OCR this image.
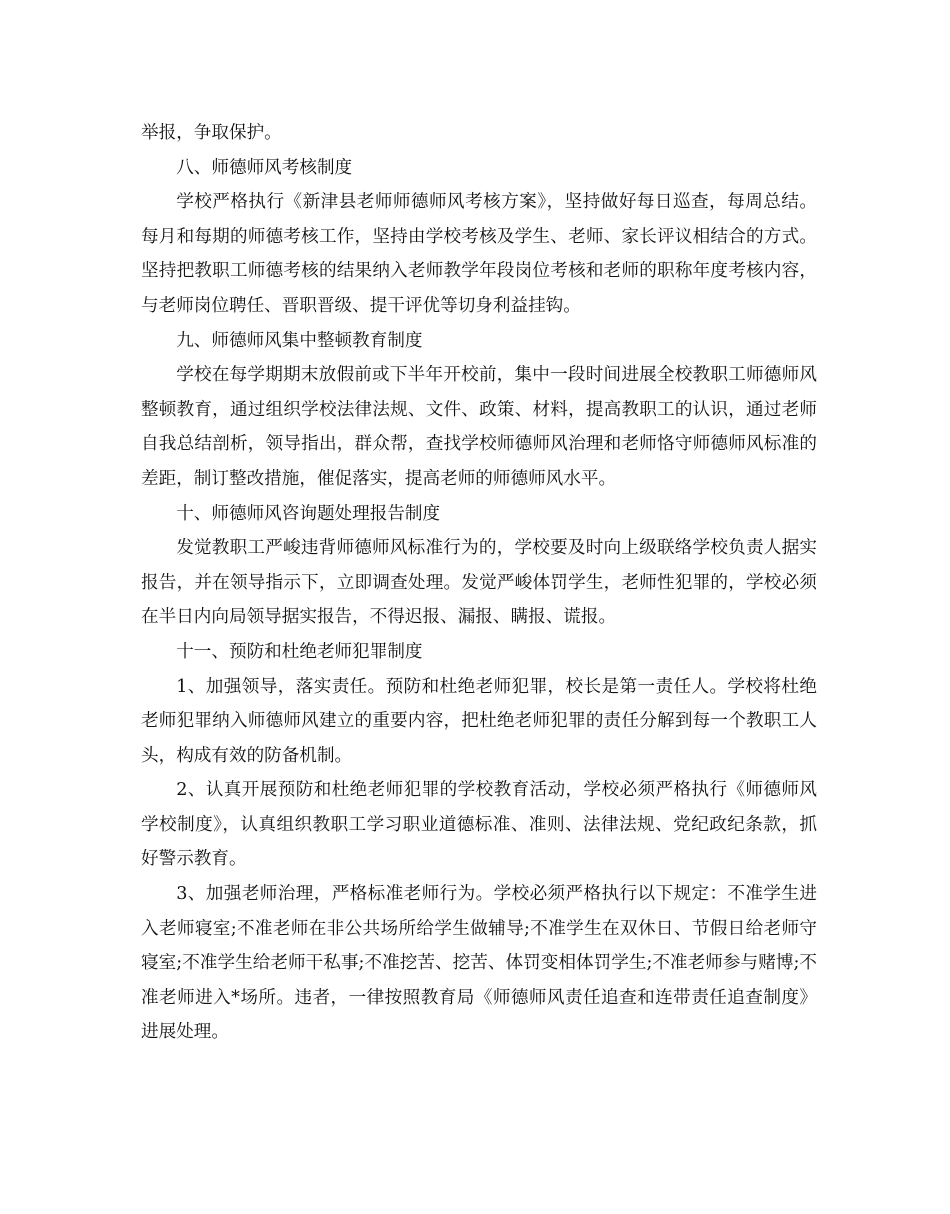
举报，争取保护。

八、师德师风考核制度

学校严格执行《新津县老师师德师风考核方案》，坚持做好每日巡查，每周总结。每月和每期的师德考核工作，坚持由学校考核及学生、老师、家长评议相结合的方式。坚持把教职工师德考核的结果纳入老师教学年段岗位考核和老师的职称年度考核内容，与老师岗位聘任、晋职晋级、提干评优等切身利益挂钩。

九、师德师风集中整顿教育制度

学校在每学期期末放假前或下半年开校前，集中一段时间进展全校教职工师德师风整顿教育，通过组织学校法律法规、文件、政策、材料，提高教职工的认识，通过老师自我总结剖析，领导指出，群众帮，查找学校师德师风治理和老师恪守师德师风标准的差距，制订整改措施，催促落实，提高老师的师德师风水平。

十、师德师风咨询题处理报告制度

发觉教职工严峻违背师德师风标准行为的，学校要及时向上级联络学校负责人据实报告，并在领导指示下，立即调查处理。发觉严峻体罚学生，老师性犯罪的，学校必须在半日内向局领导据实报告，不得迟报、漏报、瞒报、谎报。

十一、预防和杜绝老师犯罪制度

1、加强领导，落实责任。预防和杜绝老师犯罪，校长是第一责任人。学校将杜绝老师犯罪纳入师德师风建立的重要内容，把杜绝老师犯罪的责任分解到每一个教职工人头，构成有效的防备机制。

2、认真开展预防和杜绝老师犯罪的学校教育活动，学校必须严格执行《师德师风学校制度》，认真组织教职工学习职业道德标准、准则、法律法规、党纪政纪条款，抓好警示教育。

3、加强老师治理，严格标准老师行为。学校必须严格执行以下规定：不准学生进入老师寝室;不准老师在非公共场所给学生做辅导;不准学生在双休日、节假日给老师守寝室;不准学生给老师干私事;不准挖苦、挖苦、体罚变相体罚学生;不准老师参与赌博;不准老师进入*场所。违者，一律按照教育局《师德师风责任追查和连带责任追查制度》进展处理。
